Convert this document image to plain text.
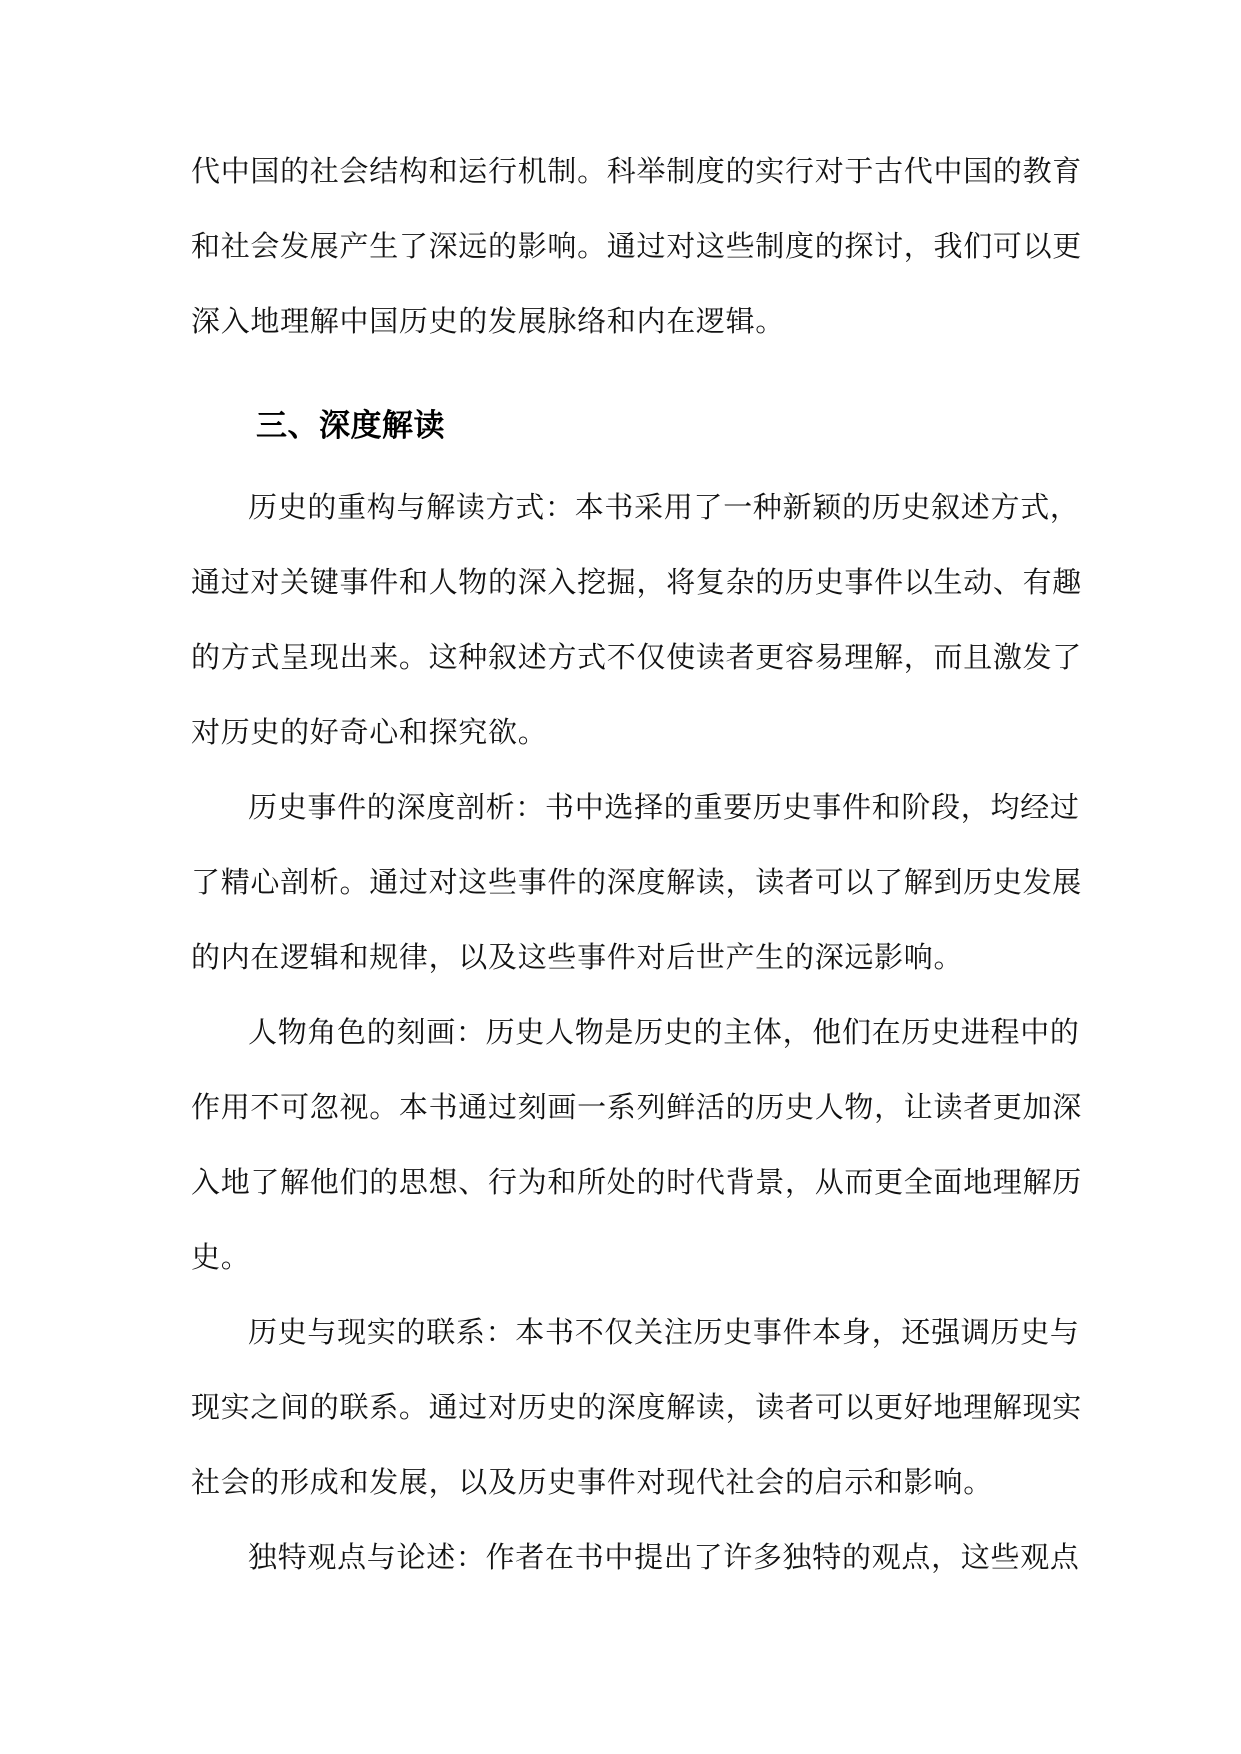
代中国的社会结构和运行机制。科举制度的实行对于古代中国的教育
和社会发展产生了深远的影响。通过对这些制度的探讨，我们可以更
深入地理解中国历史的发展脉络和内在逻辑。
三、深度解读
历史的重构与解读方式：本书采用了一种新颖的历史叙述方式，
通过对关键事件和人物的深入挖掘，将复杂的历史事件以生动、有趣
的方式呈现出来。这种叙述方式不仅使读者更容易理解，而且激发了
对历史的好奇心和探究欲。
历史事件的深度剖析：书中选择的重要历史事件和阶段，均经过
了精心剖析。通过对这些事件的深度解读，读者可以了解到历史发展
的内在逻辑和规律，以及这些事件对后世产生的深远影响。
人物角色的刻画：历史人物是历史的主体，他们在历史进程中的
作用不可忽视。本书通过刻画一系列鲜活的历史人物，让读者更加深
入地了解他们的思想、行为和所处的时代背景，从而更全面地理解历
史。
历史与现实的联系：本书不仅关注历史事件本身，还强调历史与
现实之间的联系。通过对历史的深度解读，读者可以更好地理解现实
社会的形成和发展，以及历史事件对现代社会的启示和影响。
独特观点与论述：作者在书中提出了许多独特的观点，这些观点
